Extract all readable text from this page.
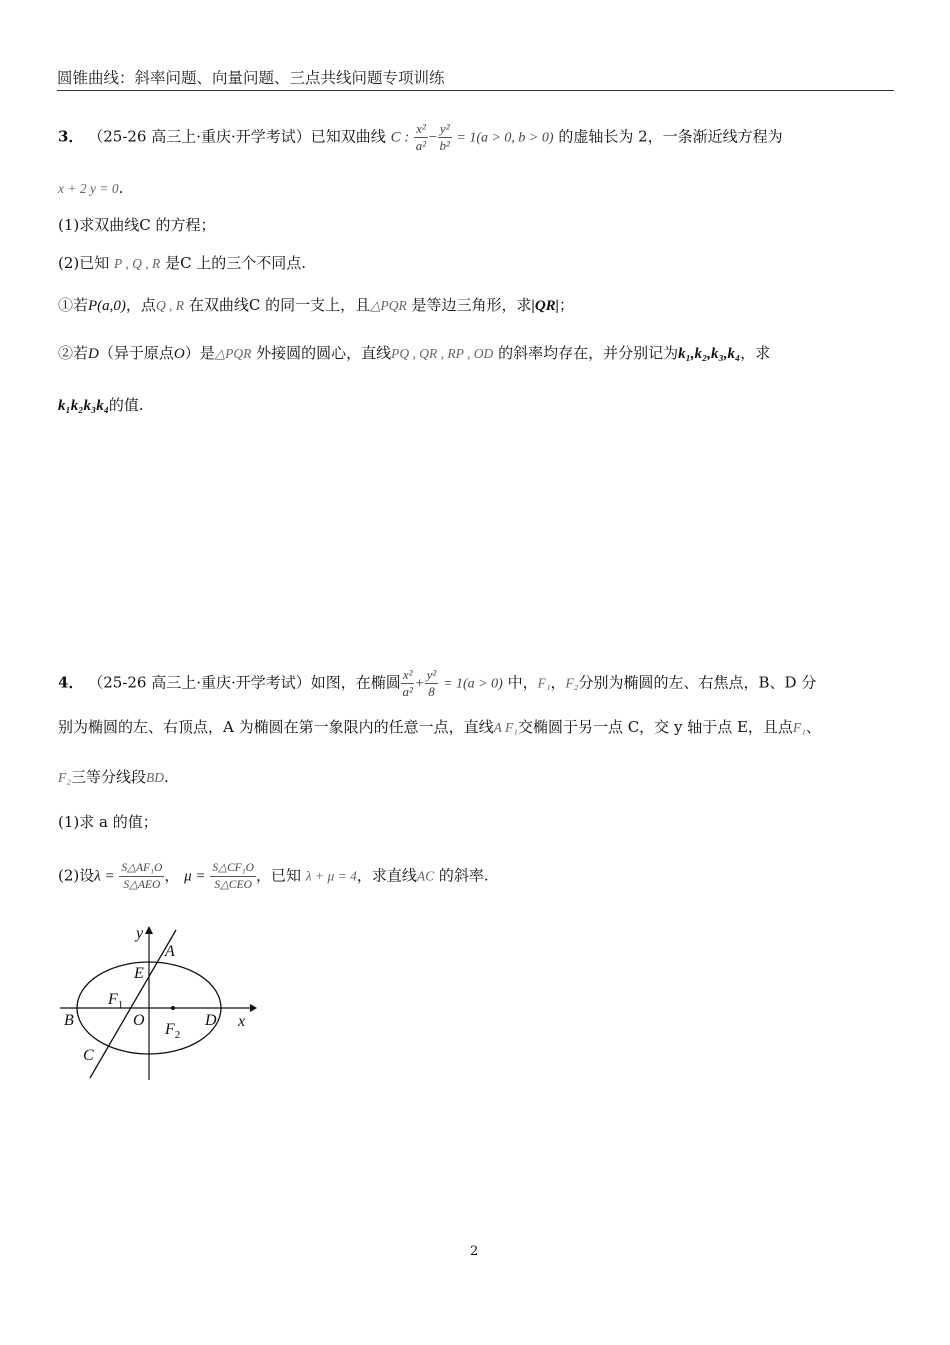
圆锥曲线：斜率问题、向量问题、三点共线问题专项训练
3． （25-26 高三上·重庆·开学考试）已知双曲线 C : $\frac{\text{x²}}{\text{a²}} - \frac{\text{y²}}{\text{b²}} = 1(a > 0$, b > 0) 的虚轴长为 2，一条渐近线方程为
x + 2 y = 0.
(1)求双曲线C 的方程；
(2)已知 P , Q , R 是C 上的三个不同点.
①若P(a,0)，点Q , R 在双曲线C 的同一支上，且△PQR 是等边三角形，求|QR|；
②若D（异于原点O）是△PQR 外接圆的圆心，直线PQ , QR , RP , OD 的斜率均存在，并分别记为k₁,k₂,k₃,k₄，求
k₁k₂k₃k₄的值.
4． （25-26 高三上·重庆·开学考试）如图，在椭圆 $\frac{\text{x²}}{\text{a²}} + \frac{\text{y²}}{8} = 1(a > 0)$ 中，F₁，F₂分别为椭圆的左、右焦点，B、D 分
别为椭圆的左、右顶点，A 为椭圆在第一象限内的任意一点，直线A F₁交椭圆于另一点 C，交 y 轴于点 E，且点F₁、
F₂三等分线段BD.
(1)求 a 的值；
(2)设$\lambda = \frac{\text{S△AF₁O}}{\text{S△AEO}}$ ， $\mu = \frac{\text{S△CF₁O}}{\text{S△CEO}}$ ，已知 λ + μ = 4，求直线AC 的斜率.
y
x
A
E
$F_1$
O
$F_2$
B	D
C
2
